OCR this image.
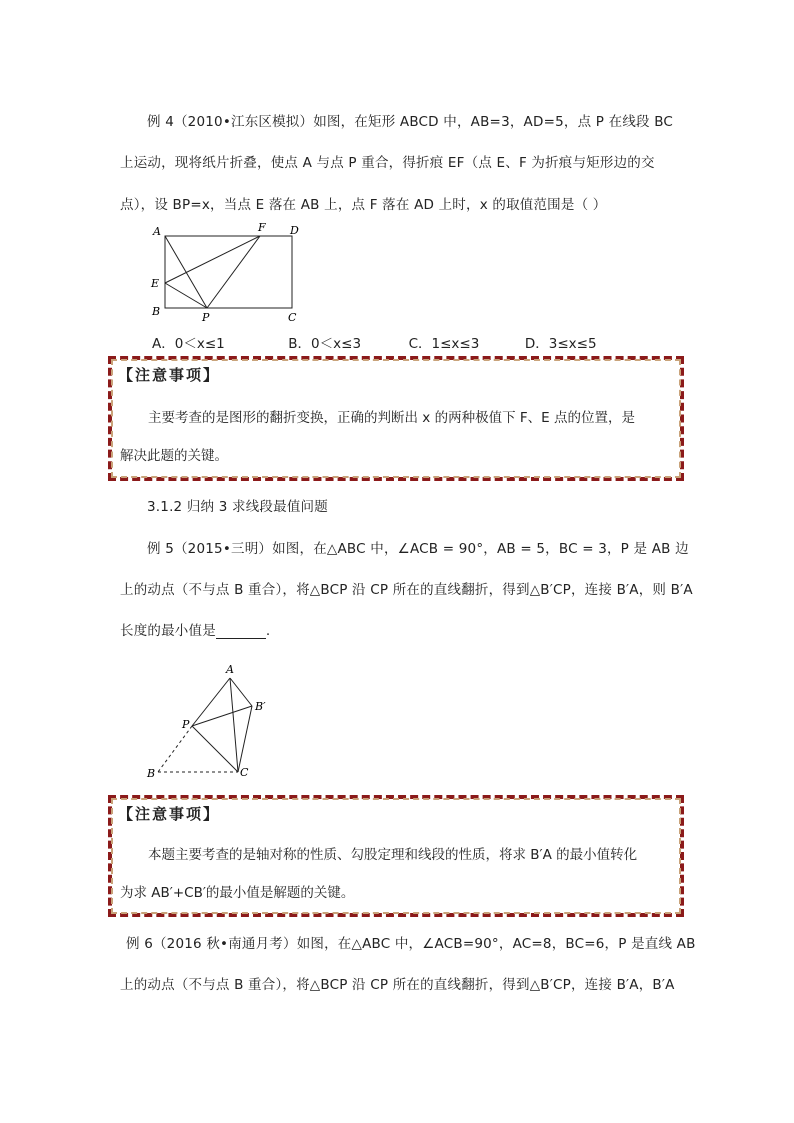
例 4（2010•江东区模拟）如图，在矩形 ABCD 中，AB=3，AD=5，点 P 在线段 BC
上运动，现将纸片折叠，使点 A 与点 P 重合，得折痕 EF（点 E、F 为折痕与矩形边的交
点），设 BP=x，当点 E 落在 AB 上，点 F 落在 AD 上时，x 的取值范围是（ ）
A	F D
E
B	P	C
A．0＜x≤1	B．0＜x≤3	C．1≤x≤3	D．3≤x≤5
【注意事项】
主要考查的是图形的翻折变换，正确的判断出 x 的两种极值下 F、E 点的位置，是
解决此题的关键。
3.1.2 归纳 3 求线段最值问题
例 5（2015•三明）如图，在△ABC 中，∠ACB = 90°，AB = 5，BC = 3，P 是 AB 边
上的动点（不与点 B 重合），将△BCP 沿 CP 所在的直线翻折，得到△B′CP，连接 B′A，则 B′A
长度的最小值是	.
A
B′
P
B	C
【注意事项】
本题主要考查的是轴对称的性质、勾股定理和线段的性质，将求 B′A 的最小值转化
为求 AB′+CB′的最小值是解题的关键。
例 6（2016 秋•南通月考）如图，在△ABC 中，∠ACB=90°，AC=8，BC=6，P 是直线 AB
上的动点（不与点 B 重合），将△BCP 沿 CP 所在的直线翻折，得到△B′CP，连接 B′A，B′A
